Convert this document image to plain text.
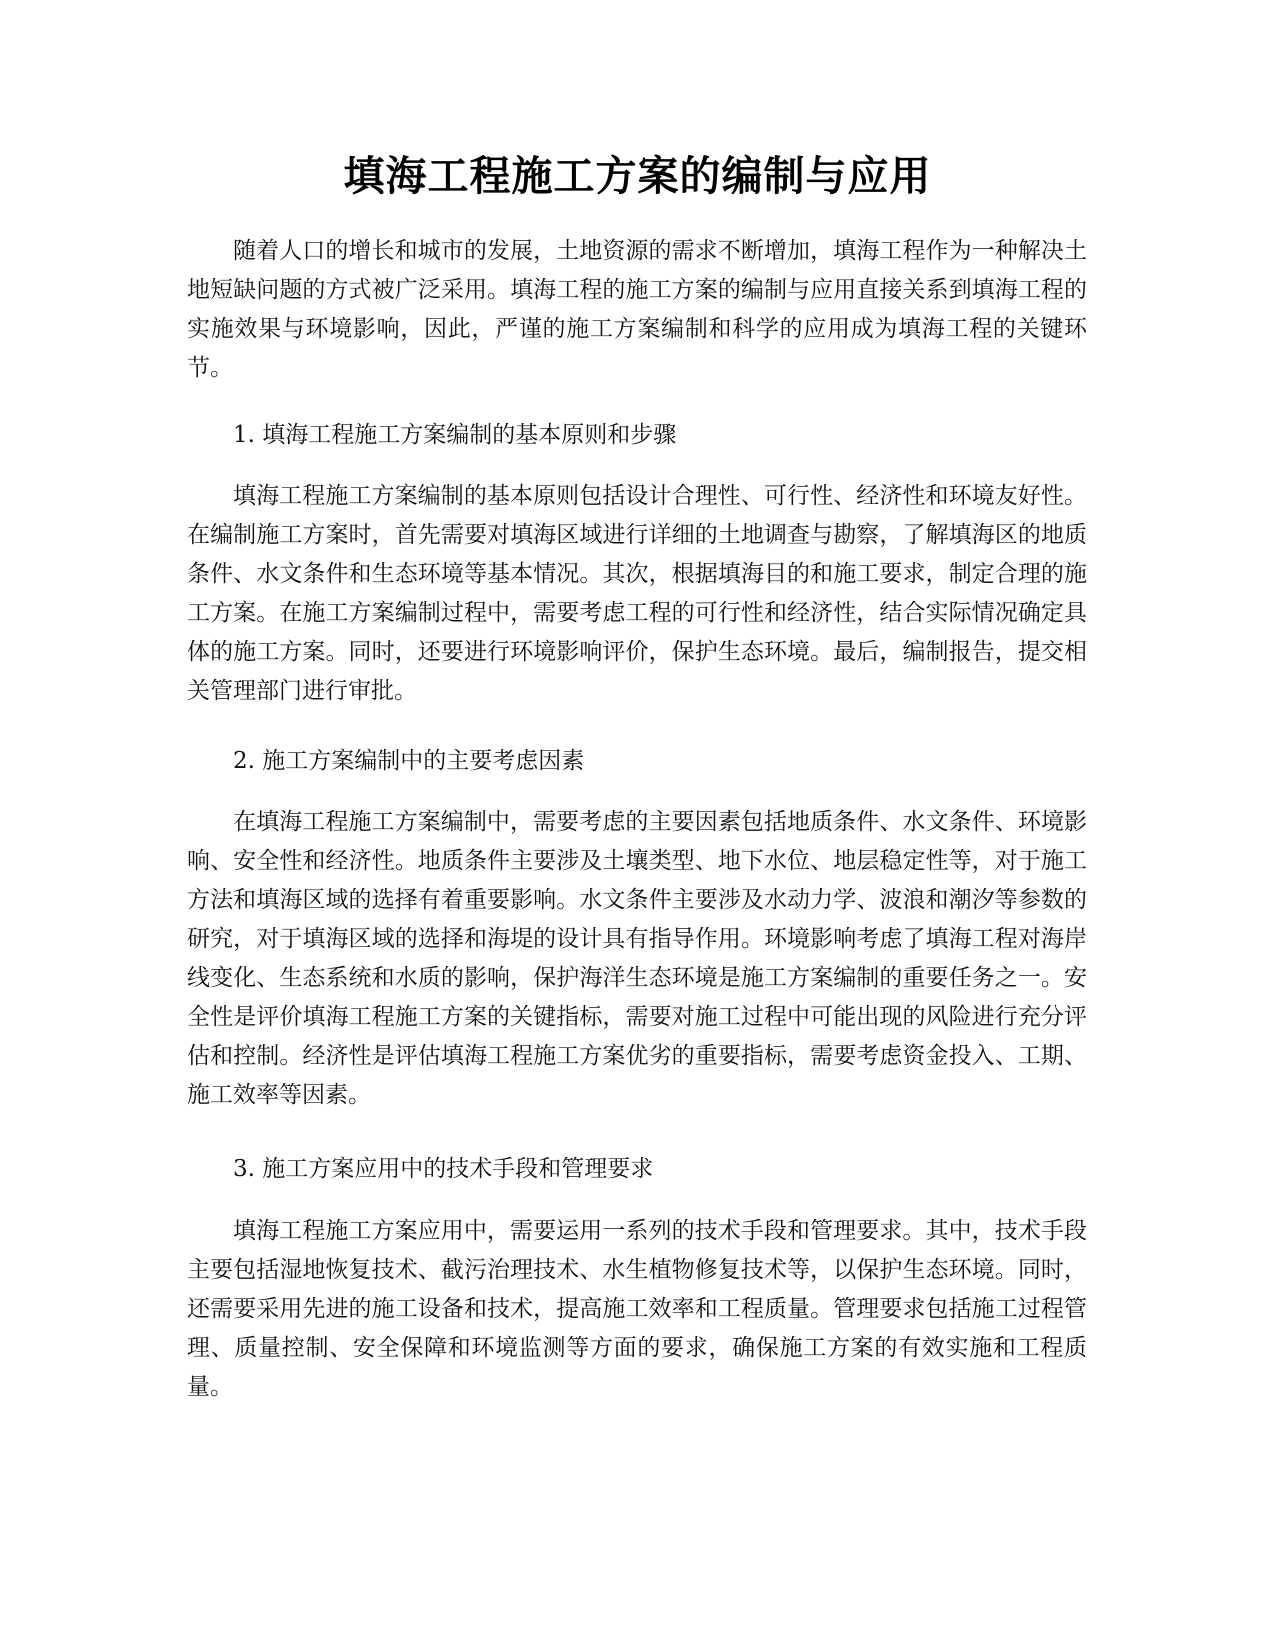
填海工程施工方案的编制与应用

随着人口的增长和城市的发展，土地资源的需求不断增加，填海工程作为一种解决土地短缺问题的方式被广泛采用。填海工程的施工方案的编制与应用直接关系到填海工程的实施效果与环境影响，因此，严谨的施工方案编制和科学的应用成为填海工程的关键环节。

1. 填海工程施工方案编制的基本原则和步骤

填海工程施工方案编制的基本原则包括设计合理性、可行性、经济性和环境友好性。在编制施工方案时，首先需要对填海区域进行详细的土地调查与勘察，了解填海区的地质条件、水文条件和生态环境等基本情况。其次，根据填海目的和施工要求，制定合理的施工方案。在施工方案编制过程中，需要考虑工程的可行性和经济性，结合实际情况确定具体的施工方案。同时，还要进行环境影响评价，保护生态环境。最后，编制报告，提交相关管理部门进行审批。

2. 施工方案编制中的主要考虑因素

在填海工程施工方案编制中，需要考虑的主要因素包括地质条件、水文条件、环境影响、安全性和经济性。地质条件主要涉及土壤类型、地下水位、地层稳定性等，对于施工方法和填海区域的选择有着重要影响。水文条件主要涉及水动力学、波浪和潮汐等参数的研究，对于填海区域的选择和海堤的设计具有指导作用。环境影响考虑了填海工程对海岸线变化、生态系统和水质的影响，保护海洋生态环境是施工方案编制的重要任务之一。安全性是评价填海工程施工方案的关键指标，需要对施工过程中可能出现的风险进行充分评估和控制。经济性是评估填海工程施工方案优劣的重要指标，需要考虑资金投入、工期、施工效率等因素。

3. 施工方案应用中的技术手段和管理要求

填海工程施工方案应用中，需要运用一系列的技术手段和管理要求。其中，技术手段主要包括湿地恢复技术、截污治理技术、水生植物修复技术等，以保护生态环境。同时，还需要采用先进的施工设备和技术，提高施工效率和工程质量。管理要求包括施工过程管理、质量控制、安全保障和环境监测等方面的要求，确保施工方案的有效实施和工程质量。
